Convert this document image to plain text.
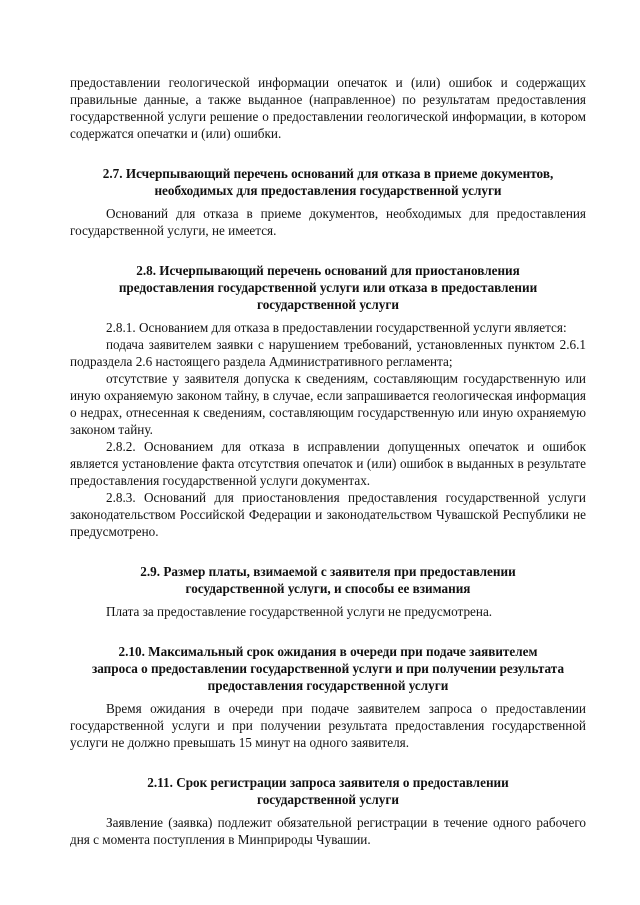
предоставлении геологической информации опечаток и (или) ошибок и содержащих правильные данные, а также выданное (направленное) по результатам предоставления государственной услуги решение о предоставлении геологической информации, в котором содержатся опечатки и (или) ошибки.

2.7. Исчерпывающий перечень оснований для отказа в приеме документов,
необходимых для предоставления государственной услуги

Оснований для отказа в приеме документов, необходимых для предоставления государственной услуги, не имеется.

2.8. Исчерпывающий перечень оснований для приостановления
предоставления государственной услуги или отказа в предоставлении
государственной услуги

2.8.1. Основанием для отказа в предоставлении государственной услуги является:

подача заявителем заявки с нарушением требований, установленных пунктом 2.6.1 подраздела 2.6 настоящего раздела Административного регламента;

отсутствие у заявителя допуска к сведениям, составляющим государственную или иную охраняемую законом тайну, в случае, если запрашивается геологическая информация о недрах, отнесенная к сведениям, составляющим государственную или иную охраняемую законом тайну.

2.8.2. Основанием для отказа в исправлении допущенных опечаток и ошибок является установление факта отсутствия опечаток и (или) ошибок в выданных в результате предоставления государственной услуги документах.

2.8.3. Оснований для приостановления предоставления государственной услуги законодательством Российской Федерации и законодательством Чувашской Республики не предусмотрено.

2.9. Размер платы, взимаемой с заявителя при предоставлении
государственной услуги, и способы ее взимания

Плата за предоставление государственной услуги не предусмотрена.

2.10. Максимальный срок ожидания в очереди при подаче заявителем
запроса о предоставлении государственной услуги и при получении результата
предоставления государственной услуги

Время ожидания в очереди при подаче заявителем запроса о предоставлении государственной услуги и при получении результата предоставления государственной услуги не должно превышать 15 минут на одного заявителя.

2.11. Срок регистрации запроса заявителя о предоставлении
государственной услуги

Заявление (заявка) подлежит обязательной регистрации в течение одного рабочего дня с момента поступления в Минприроды Чувашии.
